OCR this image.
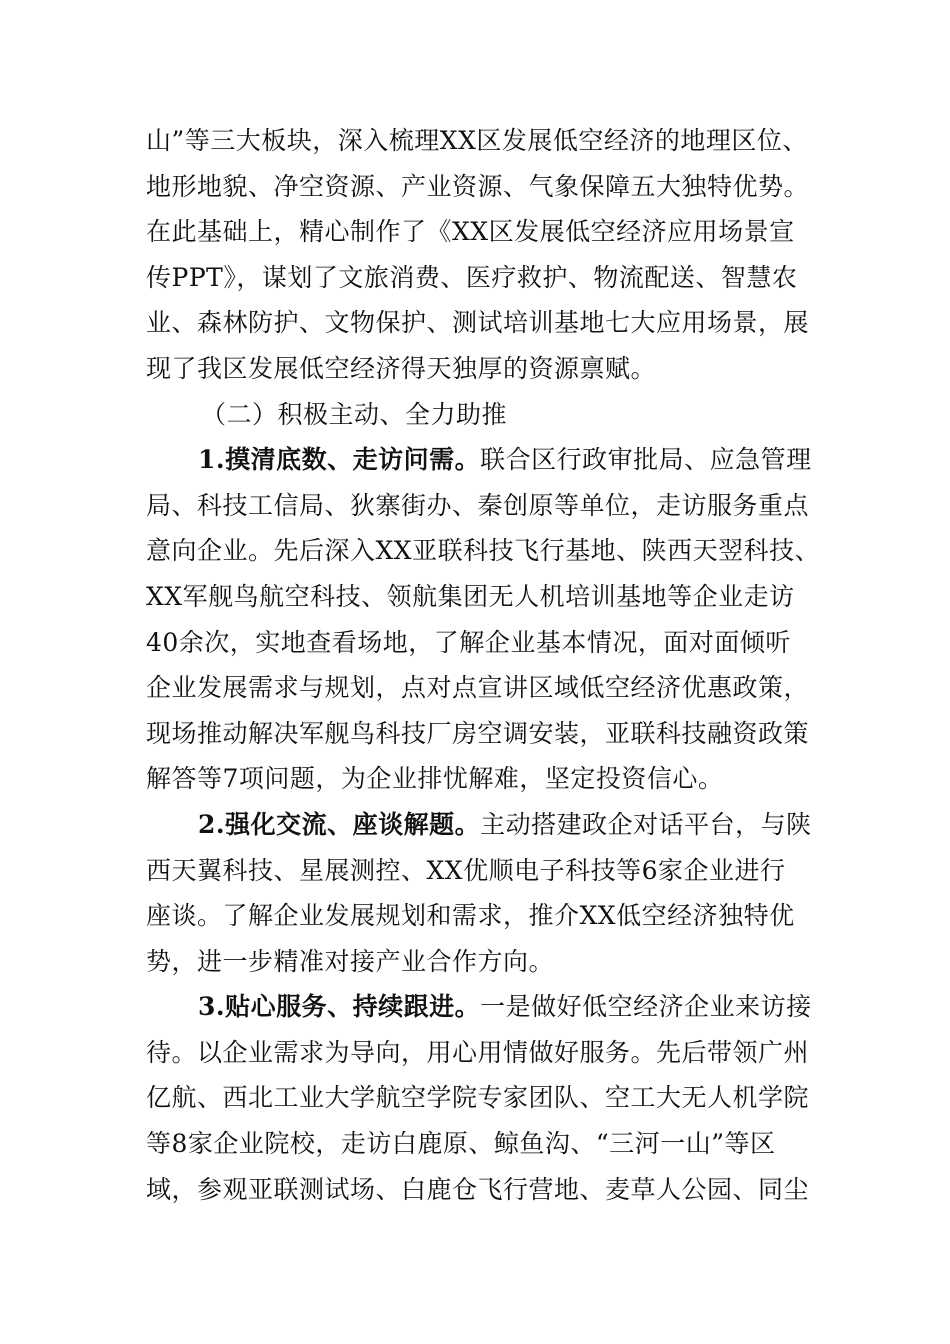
山”等三大板块，深入梳理XX区发展低空经济的地理区位、
地形地貌、净空资源、产业资源、气象保障五大独特优势。
在此基础上，精心制作了《XX区发展低空经济应用场景宣
传PPT》，谋划了文旅消费、医疗救护、物流配送、智慧农
业、森林防护、文物保护、测试培训基地七大应用场景，展
现了我区发展低空经济得天独厚的资源禀赋。
（二）积极主动、全力助推
1.摸清底数、走访问需。联合区行政审批局、应急管理
局、科技工信局、狄寨街办、秦创原等单位，走访服务重点
意向企业。先后深入XX亚联科技飞行基地、陕西天翌科技、
XX军舰鸟航空科技、领航集团无人机培训基地等企业走访
40余次，实地查看场地，了解企业基本情况，面对面倾听
企业发展需求与规划，点对点宣讲区域低空经济优惠政策，
现场推动解决军舰鸟科技厂房空调安装，亚联科技融资政策
解答等7项问题，为企业排忧解难，坚定投资信心。
2.强化交流、座谈解题。主动搭建政企对话平台，与陕
西天翼科技、星展测控、XX优顺电子科技等6家企业进行
座谈。了解企业发展规划和需求，推介XX低空经济独特优
势，进一步精准对接产业合作方向。
3.贴心服务、持续跟进。一是做好低空经济企业来访接
待。以企业需求为导向，用心用情做好服务。先后带领广州
亿航、西北工业大学航空学院专家团队、空工大无人机学院
等8家企业院校，走访白鹿原、鲸鱼沟、“三河一山”等区
域，参观亚联测试场、白鹿仓飞行营地、麦草人公园、同尘
